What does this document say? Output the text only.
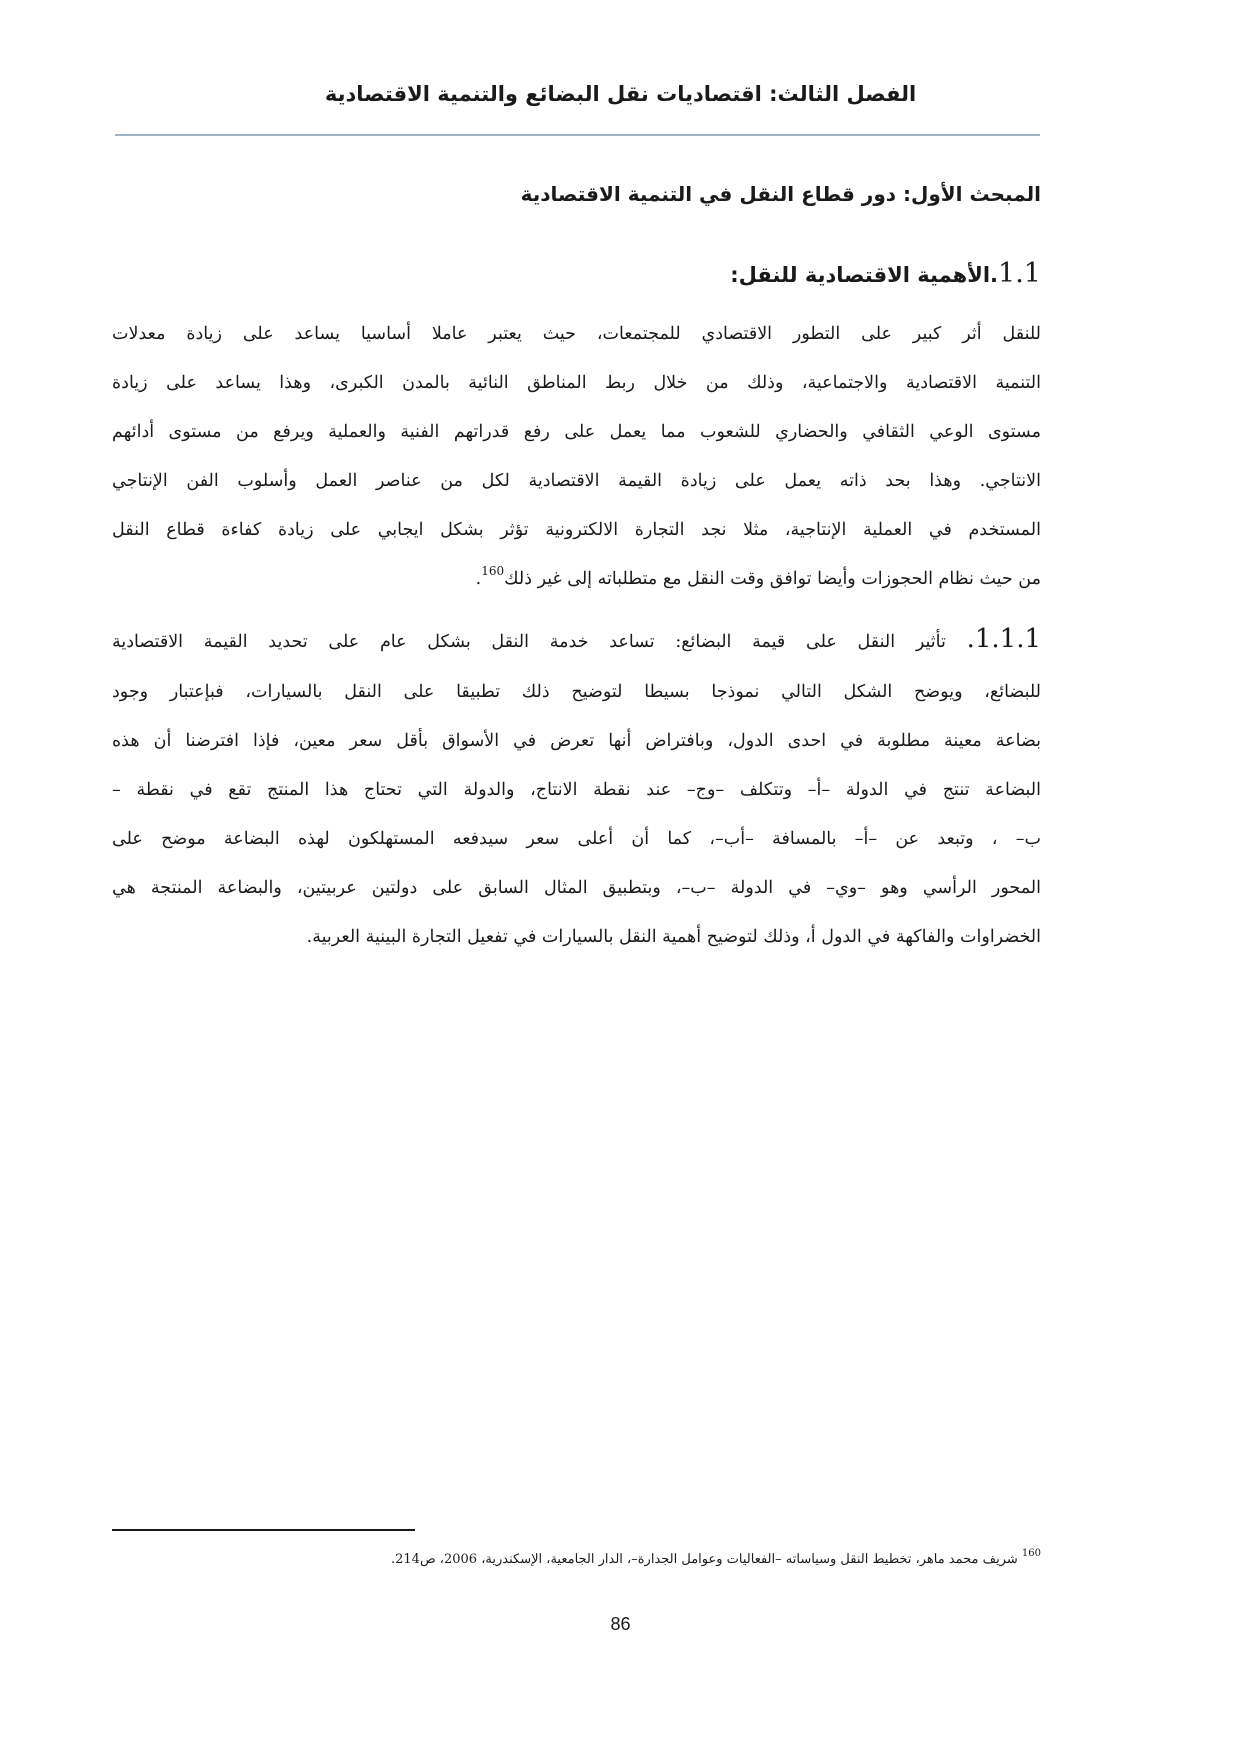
الفصل الثالث: اقتصاديات نقل البضائع والتنمية الاقتصادية
المبحث الأول: دور قطاع النقل في التنمية الاقتصادية
1.1.الأهمية الاقتصادية للنقل:
للنقل أثر كبير على التطور الاقتصادي للمجتمعات، حيث يعتبر عاملا أساسيا يساعد على زيادة معدلات
التنمية الاقتصادية والاجتماعية، وذلك من خلال ربط المناطق النائية بالمدن الكبرى، وهذا يساعد على زيادة
مستوى الوعي الثقافي والحضاري للشعوب مما يعمل على رفع قدراتهم الفنية والعملية ويرفع من مستوى أدائهم
الانتاجي. وهذا بحد ذاته يعمل على زيادة القيمة الاقتصادية لكل من عناصر العمل وأسلوب الفن الإنتاجي
المستخدم في العملية الإنتاجية، مثلا نجد التجارة الالكترونية تؤثر بشكل ايجابي على زيادة كفاءة قطاع النقل
من حيث نظام الحجوزات وأيضا توافق وقت النقل مع متطلباته إلى غير ذلك$^{160}$.
1.1.1. تأثير النقل على قيمة البضائع: تساعد خدمة النقل بشكل عام على تحديد القيمة الاقتصادية
للبضائع، ويوضح الشكل التالي نموذجا بسيطا لتوضيح ذلك تطبيقا على النقل بالسيارات، فبإعتبار وجود
بضاعة معينة مطلوبة في احدى الدول، وبافتراض أنها تعرض في الأسواق بأقل سعر معين، فإذا افترضنا أن هذه
البضاعة تنتج في الدولة –أ– وتتكلف –وج– عند نقطة الانتاج، والدولة التي تحتاج هذا المنتج تقع في نقطة –
ب– ، وتبعد عن –أ– بالمسافة –أب–، كما أن أعلى سعر سيدفعه المستهلكون لهذه البضاعة موضح على
المحور الرأسي وهو –وي– في الدولة –ب–، وبتطبيق المثال السابق على دولتين عربيتين، والبضاعة المنتجة هي
الخضراوات والفاكهة في الدول أ، وذلك لتوضيح أهمية النقل بالسيارات في تفعيل التجارة البينية العربية.
$^{160}$ شريف محمد ماهر، تخطيط النقل وسياساته –الفعاليات وعوامل الجدارة–، الدار الجامعية، الإسكندرية، 2006، ص214.
86
